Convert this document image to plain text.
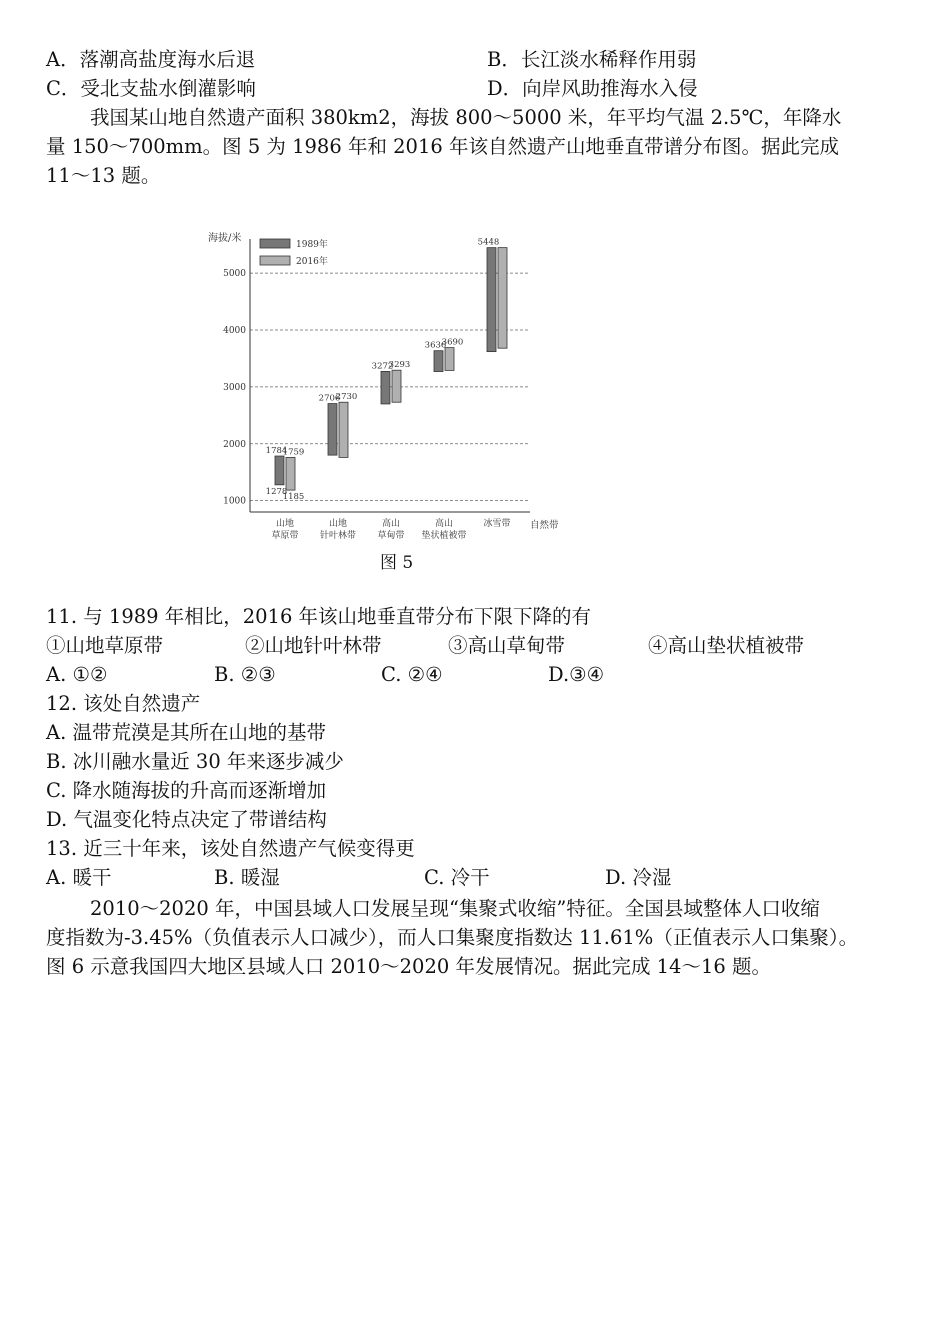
A．落潮高盐度海水后退	B．长江淡水稀释作用弱
C．受北支盐水倒灌影响	D．向岸风助推海水入侵
我国某山地自然遗产面积 380km2，海拔 800～5000 米，年平均气温 2.5℃，年降水
量 150～700mm。图 5 为 1986 年和 2016 年该自然遗产山地垂直带谱分布图。据此完成
11～13 题。
1000
2000
3000
4000
5000
海拔/米
自然带
1989年
2016年
1784
1278
1759
1185
2706
2730
3272
3293
3636
3690
5448
山地
草原带
山地
针叶林带
高山
草甸带
高山
垫状植被带
冰雪带
图 5
11. 与 1989 年相比，2016 年该山地垂直带分布下限下降的有
①山地草原带	②山地针叶林带	③高山草甸带	④高山垫状植被带
A. ①②	B. ②③	C. ②④	D.③④
12. 该处自然遗产
A. 温带荒漠是其所在山地的基带
B. 冰川融水量近 30 年来逐步减少
C. 降水随海拔的升高而逐渐增加
D. 气温变化特点决定了带谱结构
13. 近三十年来，该处自然遗产气候变得更
A. 暖干	B. 暖湿	C. 冷干	D. 冷湿
2010～2020 年，中国县域人口发展呈现“集聚式收缩”特征。全国县域整体人口收缩
度指数为-3.45%（负值表示人口减少），而人口集聚度指数达 11.61%（正值表示人口集聚）。
图 6 示意我国四大地区县域人口 2010～2020 年发展情况。据此完成 14～16 题。
